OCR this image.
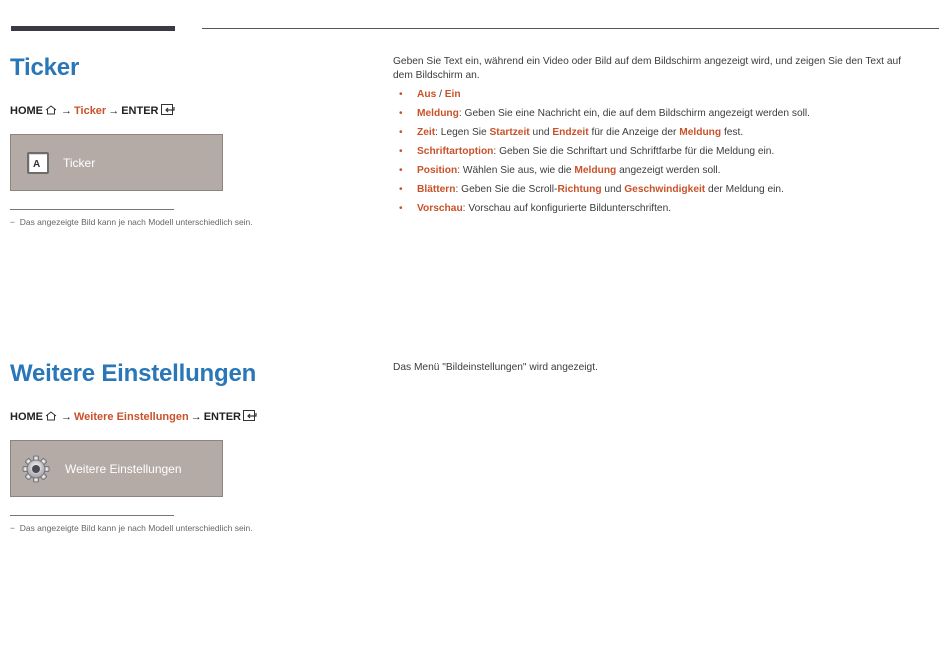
Ticker
HOME → Ticker → ENTER
A	Ticker
− Das angezeigte Bild kann je nach Modell unterschiedlich sein.
Geben Sie Text ein, während ein Video oder Bild auf dem Bildschirm angezeigt wird, und zeigen Sie den Text auf dem Bildschirm an.
• Aus / Ein
• Meldung: Geben Sie eine Nachricht ein, die auf dem Bildschirm angezeigt werden soll.
• Zeit: Legen Sie Startzeit und Endzeit für die Anzeige der Meldung fest.
• Schriftartoption: Geben Sie die Schriftart und Schriftfarbe für die Meldung ein.
• Position: Wählen Sie aus, wie die Meldung angezeigt werden soll.
• Blättern: Geben Sie die Scroll-Richtung und Geschwindigkeit der Meldung ein.
• Vorschau: Vorschau auf konfigurierte Bildunterschriften.
Weitere Einstellungen
HOME → Weitere Einstellungen → ENTER
Weitere Einstellungen
− Das angezeigte Bild kann je nach Modell unterschiedlich sein.
Das Menü "Bildeinstellungen" wird angezeigt.
